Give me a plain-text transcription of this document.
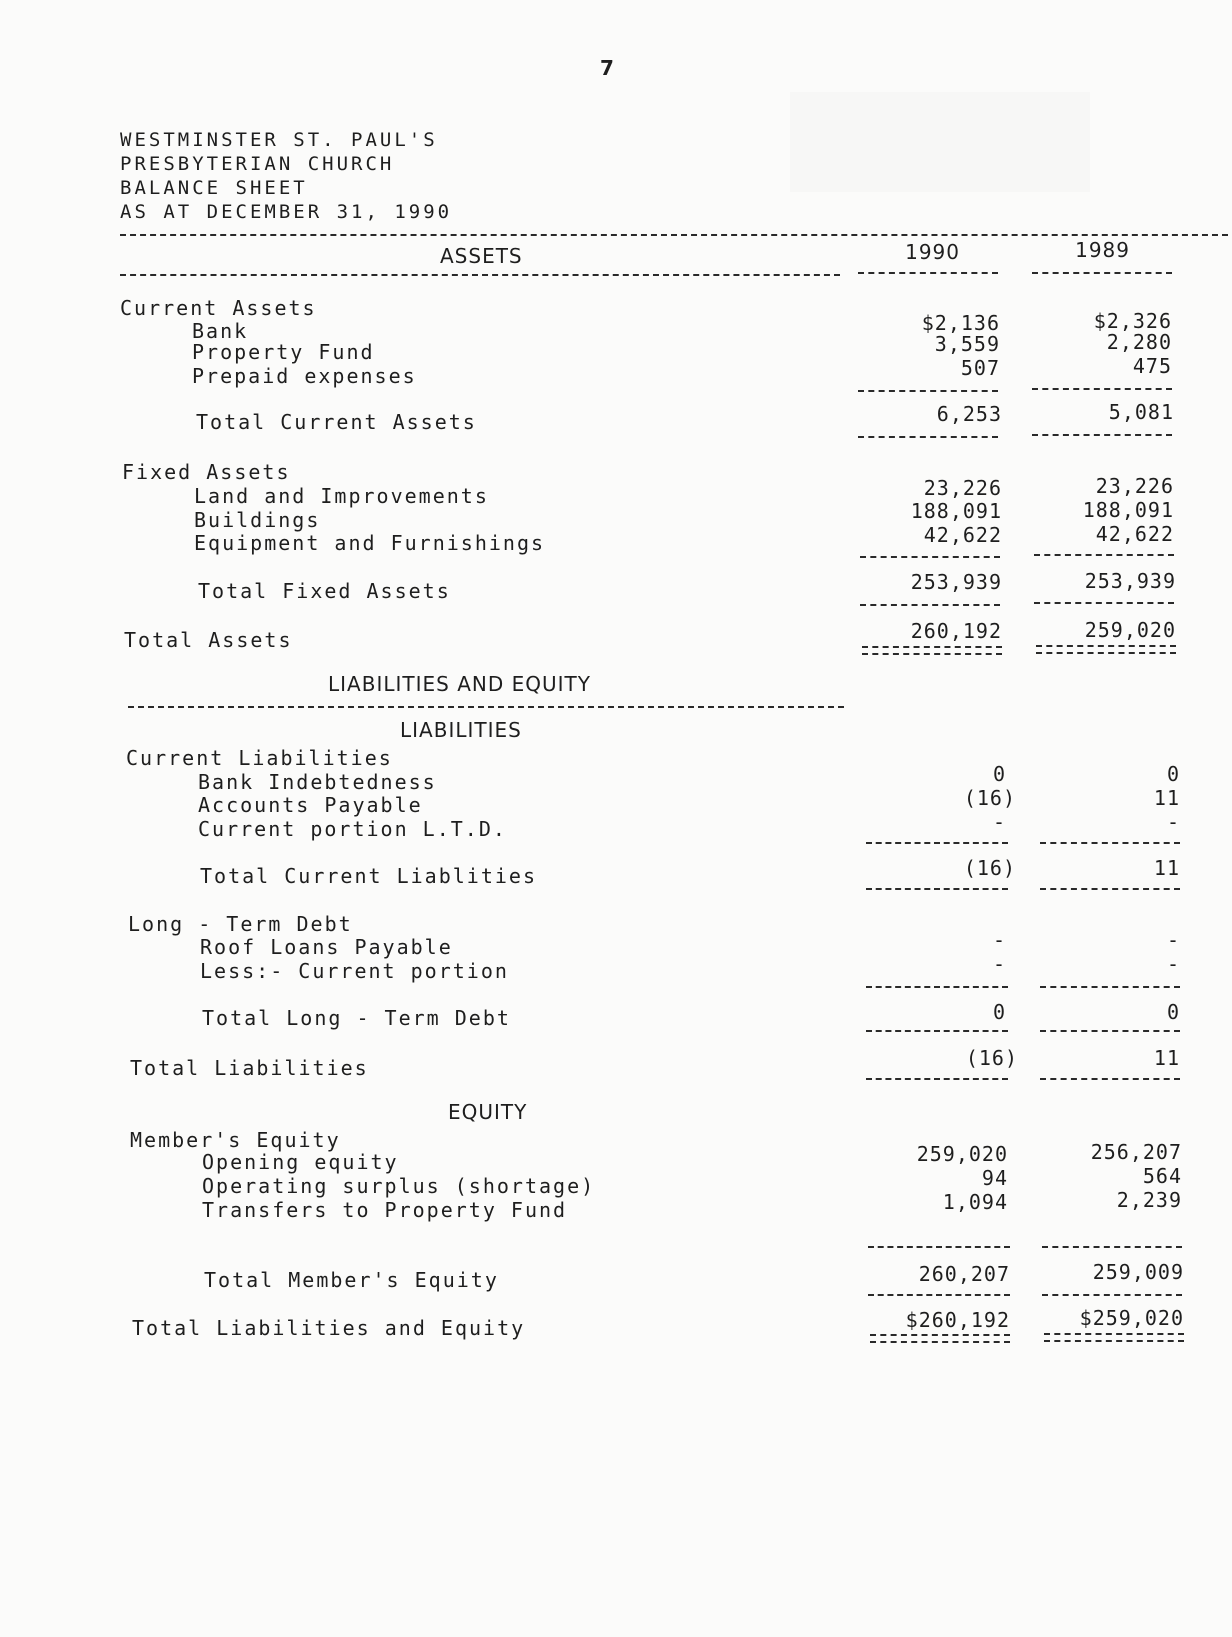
7
WESTMINSTER ST. PAUL'S
PRESBYTERIAN CHURCH
BALANCE SHEET
AS AT DECEMBER 31, 1990
ASSETS	1990	1989
Current Assets
Bank	$2,136	$2,326
Property Fund	3,559	2,280
Prepaid expenses	507	475
Total Current Assets	6,253	5,081
Fixed Assets
Land and Improvements	23,226	23,226
Buildings	188,091	188,091
Equipment and Furnishings	42,622	42,622
Total Fixed Assets	253,939	253,939
Total Assets	260,192	259,020
LIABILITIES AND EQUITY
LIABILITIES
Current Liabilities
Bank Indebtedness	0	0
Accounts Payable	(16)	11
Current portion L.T.D.	-	-
Total Current Liablities	(16)	11
Long - Term Debt
Roof Loans Payable	-	-
Less:- Current portion	-	-
Total Long - Term Debt	0	0
Total Liabilities	(16)	11
EQUITY
Member's Equity
Opening equity	259,020	256,207
Operating surplus (shortage)	94	564
Transfers to Property Fund	1,094	2,239
Total Member's Equity	260,207	259,009
Total Liabilities and Equity	$260,192	$259,020
